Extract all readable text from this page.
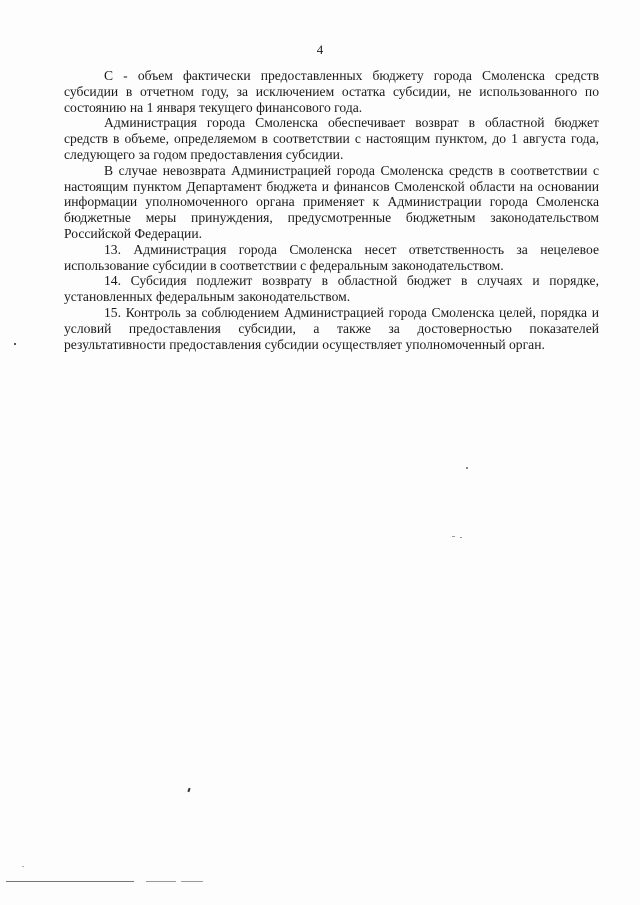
4

С - объем фактически предоставленных бюджету города Смоленска средств субсидии в отчетном году, за исключением остатка субсидии, не использованного по состоянию на 1 января текущего финансового года.

Администрация города Смоленска обеспечивает возврат в областной бюджет средств в объеме, определяемом в соответствии с настоящим пунктом, до 1 августа года, следующего за годом предоставления субсидии.

В случае невозврата Администрацией города Смоленска средств в соответствии с настоящим пунктом Департамент бюджета и финансов Смоленской области на основании информации уполномоченного органа применяет к Администрации города Смоленска бюджетные меры принуждения, предусмотренные бюджетным законодательством Российской Федерации.

13. Администрация города Смоленска несет ответственность за нецелевое использование субсидии в соответствии с федеральным законодательством.

14. Субсидия подлежит возврату в областной бюджет в случаях и порядке, установленных федеральным законодательством.

15. Контроль за соблюдением Администрацией города Смоленска целей, порядка и условий предоставления субсидии, а также за достоверностью показателей результативности предоставления субсидии осуществляет уполномоченный орган.
